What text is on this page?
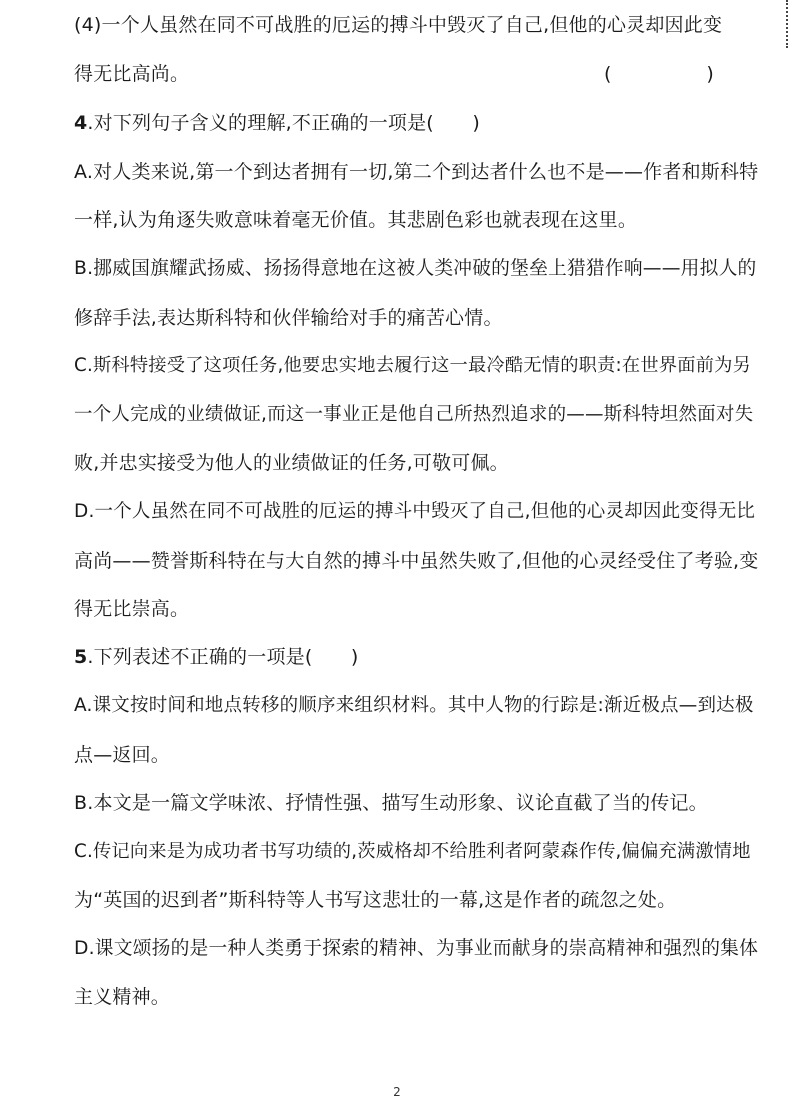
(4)一个人虽然在同不可战胜的厄运的搏斗中毁灭了自己,但他的心灵却因此变
得无比高尚。	(　　　　　)
4.对下列句子含义的理解,不正确的一项是(　　)
A.对人类来说,第一个到达者拥有一切,第二个到达者什么也不是——作者和斯科特
一样,认为角逐失败意味着毫无价值。其悲剧色彩也就表现在这里。
B.挪威国旗耀武扬威、扬扬得意地在这被人类冲破的堡垒上猎猎作响——用拟人的
修辞手法,表达斯科特和伙伴输给对手的痛苦心情。
C.斯科特接受了这项任务,他要忠实地去履行这一最冷酷无情的职责:在世界面前为另
一个人完成的业绩做证,而这一事业正是他自己所热烈追求的——斯科特坦然面对失
败,并忠实接受为他人的业绩做证的任务,可敬可佩。
D.一个人虽然在同不可战胜的厄运的搏斗中毁灭了自己,但他的心灵却因此变得无比
高尚——赞誉斯科特在与大自然的搏斗中虽然失败了,但他的心灵经受住了考验,变
得无比崇高。
5.下列表述不正确的一项是(　　)
A.课文按时间和地点转移的顺序来组织材料。其中人物的行踪是:渐近极点—到达极
点—返回。
B.本文是一篇文学味浓、抒情性强、描写生动形象、议论直截了当的传记。
C.传记向来是为成功者书写功绩的,茨威格却不给胜利者阿蒙森作传,偏偏充满激情地
为“英国的迟到者”斯科特等人书写这悲壮的一幕,这是作者的疏忽之处。
D.课文颂扬的是一种人类勇于探索的精神、为事业而献身的崇高精神和强烈的集体
主义精神。
2
